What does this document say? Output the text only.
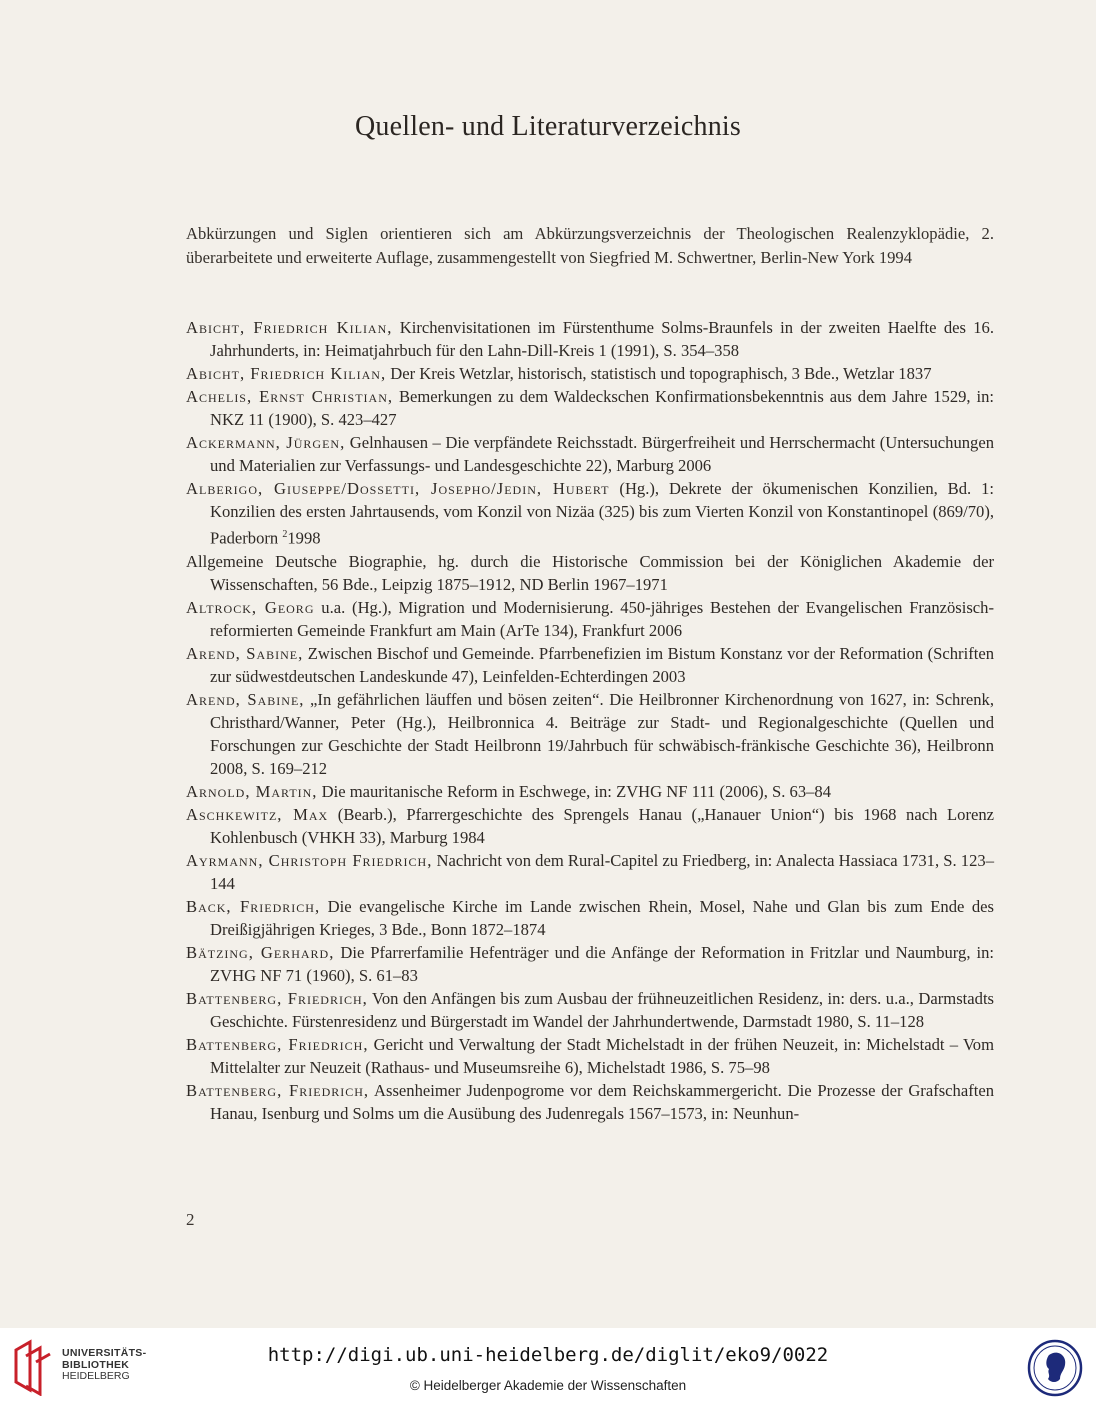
Quellen- und Literaturverzeichnis
Abkürzungen und Siglen orientieren sich am Abkürzungsverzeichnis der Theologischen Realenzyklopädie, 2. überarbeitete und erweiterte Auflage, zusammengestellt von Siegfried M. Schwertner, Berlin-New York 1994
Abicht, Friedrich Kilian, Kirchenvisitationen im Fürstenthume Solms-Braunfels in der zweiten Haelfte des 16. Jahrhunderts, in: Heimatjahrbuch für den Lahn-Dill-Kreis 1 (1991), S. 354–358
Abicht, Friedrich Kilian, Der Kreis Wetzlar, historisch, statistisch und topographisch, 3 Bde., Wetzlar 1837
Achelis, Ernst Christian, Bemerkungen zu dem Waldeckschen Konfirmationsbekenntnis aus dem Jahre 1529, in: NKZ 11 (1900), S. 423–427
Ackermann, Jürgen, Gelnhausen – Die verpfändete Reichsstadt. Bürgerfreiheit und Herrschermacht (Untersuchungen und Materialien zur Verfassungs- und Landesgeschichte 22), Marburg 2006
Alberigo, Giuseppe/Dossetti, Josepho/Jedin, Hubert (Hg.), Dekrete der ökumenischen Konzilien, Bd. 1: Konzilien des ersten Jahrtausends, vom Konzil von Nizäa (325) bis zum Vierten Konzil von Konstantinopel (869/70), Paderborn $^2$1998
Allgemeine Deutsche Biographie, hg. durch die Historische Commission bei der Königlichen Akademie der Wissenschaften, 56 Bde., Leipzig 1875–1912, ND Berlin 1967–1971
Altrock, Georg u.a. (Hg.), Migration und Modernisierung. 450-jähriges Bestehen der Evangelischen Französisch-reformierten Gemeinde Frankfurt am Main (ArTe 134), Frankfurt 2006
Arend, Sabine, Zwischen Bischof und Gemeinde. Pfarrbenefizien im Bistum Konstanz vor der Reformation (Schriften zur südwestdeutschen Landeskunde 47), Leinfelden-Echterdingen 2003
Arend, Sabine, „In gefährlichen läuffen und bösen zeiten“. Die Heilbronner Kirchenordnung von 1627, in: Schrenk, Christhard/Wanner, Peter (Hg.), Heilbronnica 4. Beiträge zur Stadt- und Regionalgeschichte (Quellen und Forschungen zur Geschichte der Stadt Heilbronn 19/Jahrbuch für schwäbisch-fränkische Geschichte 36), Heilbronn 2008, S. 169–212
Arnold, Martin, Die mauritanische Reform in Eschwege, in: ZVHG NF 111 (2006), S. 63–84
Aschkewitz, Max (Bearb.), Pfarrergeschichte des Sprengels Hanau („Hanauer Union“) bis 1968 nach Lorenz Kohlenbusch (VHKH 33), Marburg 1984
Ayrmann, Christoph Friedrich, Nachricht von dem Rural-Capitel zu Friedberg, in: Analecta Hassiaca 1731, S. 123–144
Back, Friedrich, Die evangelische Kirche im Lande zwischen Rhein, Mosel, Nahe und Glan bis zum Ende des Dreißigjährigen Krieges, 3 Bde., Bonn 1872–1874
Bätzing, Gerhard, Die Pfarrerfamilie Hefenträger und die Anfänge der Reformation in Fritzlar und Naumburg, in: ZVHG NF 71 (1960), S. 61–83
Battenberg, Friedrich, Von den Anfängen bis zum Ausbau der frühneuzeitlichen Residenz, in: ders. u.a., Darmstadts Geschichte. Fürstenresidenz und Bürgerstadt im Wandel der Jahrhundertwende, Darmstadt 1980, S. 11–128
Battenberg, Friedrich, Gericht und Verwaltung der Stadt Michelstadt in der frühen Neuzeit, in: Michelstadt – Vom Mittelalter zur Neuzeit (Rathaus- und Museumsreihe 6), Michelstadt 1986, S. 75–98
Battenberg, Friedrich, Assenheimer Judenpogrome vor dem Reichskammergericht. Die Prozesse der Grafschaften Hanau, Isenburg und Solms um die Ausübung des Judenregals 1567–1573, in: Neunhun-
2
UNIVERSITÄTS-
BIBLIOTHEK
HEIDELBERG
http://digi.ub.uni-heidelberg.de/diglit/eko9/0022
© Heidelberger Akademie der Wissenschaften
